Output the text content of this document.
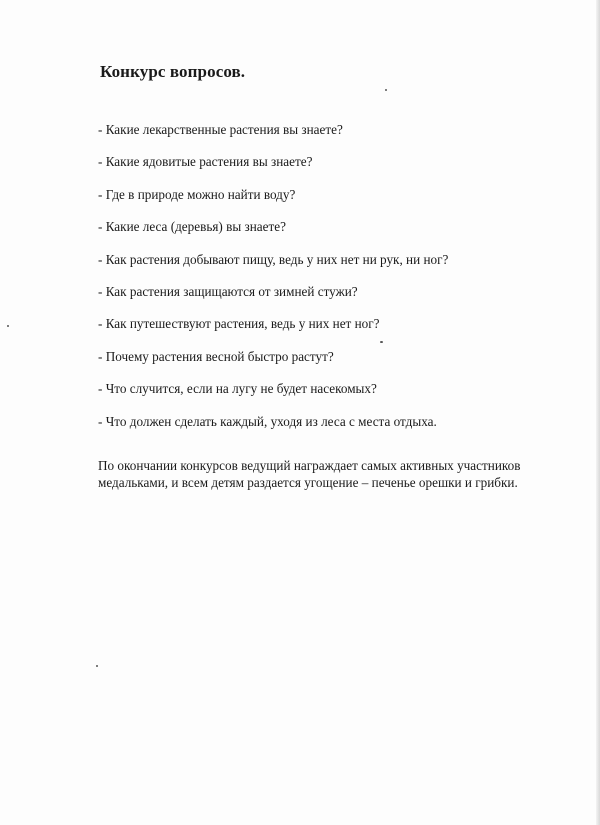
Конкурс вопросов.
- Какие лекарственные растения вы знаете?
- Какие ядовитые растения вы знаете?
- Где в природе можно найти воду?
- Какие леса (деревья) вы знаете?
- Как растения добывают пищу, ведь у них нет ни рук, ни ног?
- Как растения защищаются от зимней стужи?
- Как путешествуют растения, ведь у них нет ног?
- Почему растения весной быстро растут?
- Что случится, если на лугу не будет насекомых?
- Что должен сделать каждый, уходя из леса с места отдыха.
По окончании конкурсов ведущий награждает самых активных участников медальками, и всем детям раздается угощение – печенье орешки и грибки.
